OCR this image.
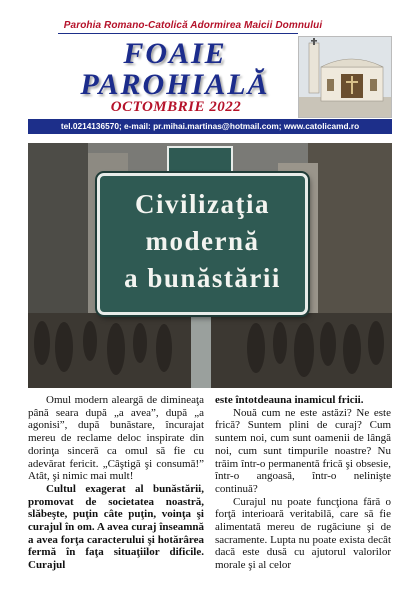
Parohia Romano-Catolică Adormirea Maicii Domnului
FOAIE
PAROHIALĂ
OCTOMBRIE 2022
tel.0214136570; e-mail: pr.mihai.martinas@hotmail.com; www.catolicamd.ro
Civilizaţia
modernă
a bunăstării

Omul modern aleargă de dimineaţa până seara după „a avea”, după „a agonisi”, după bunăstare, încurajat mereu de reclame deloc inspirate din dorinţa sinceră ca omul să fie cu adevărat fericit. „Câştigă şi consumă!” Atât, şi nimic mai mult!

Cultul exagerat al bunăstării, promovat de societatea noastră, slăbeşte, puţin câte puţin, voinţa şi curajul în om. A avea curaj înseamnă a avea forţa caracterului şi hotărârea fermă în faţa situaţiilor dificile. Curajul

este întotdeauna inamicul fricii.

Nouă cum ne este astăzi? Ne este frică? Suntem plini de curaj? Cum suntem noi, cum sunt oamenii de lângă noi, cum sunt timpurile noastre? Nu trăim într-o permanentă frică şi obsesie, într-o angoasă, într-o nelinişte continuă?

Curajul nu poate funcţiona fără o forţă interioară veritabilă, care să fie alimentată mereu de rugăciune şi de sacramente. Lupta nu poate exista decât dacă este dusă cu ajutorul valorilor morale şi al celor
